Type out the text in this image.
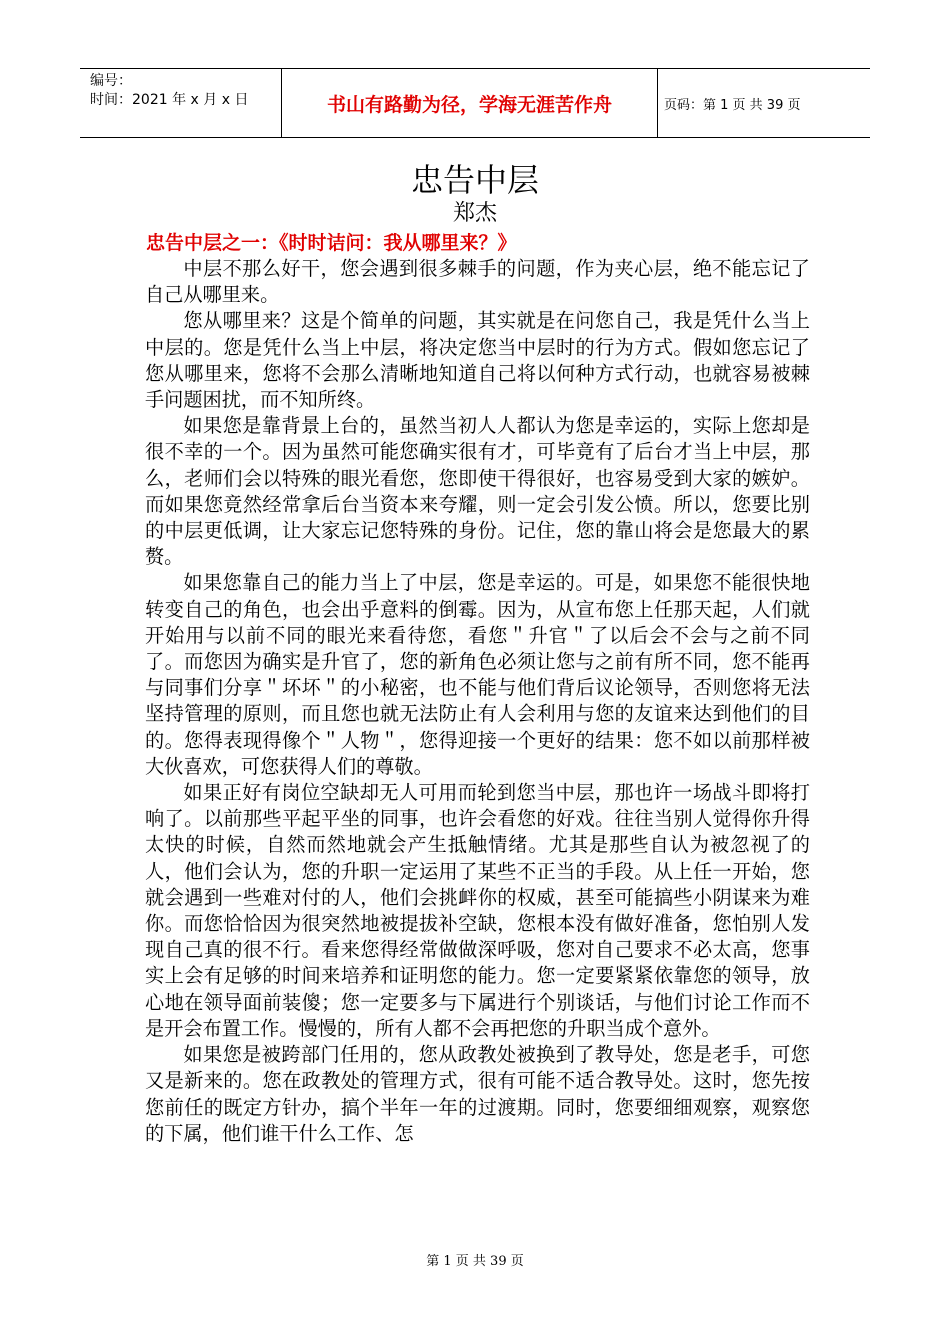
编号：
时间：2021 年 x 月 x 日	书山有路勤为径，学海无涯苦作舟	页码：第 1 页 共 39 页
忠告中层
郑杰
忠告中层之一：《时时诘问：我从哪里来？》

中层不那么好干，您会遇到很多棘手的问题，作为夹心层，绝不能忘记了自己从哪里来。

您从哪里来？这是个简单的问题，其实就是在问您自己，我是凭什么当上中层的。您是凭什么当上中层，将决定您当中层时的行为方式。假如您忘记了您从哪里来，您将不会那么清晰地知道自己将以何种方式行动，也就容易被棘手问题困扰，而不知所终。

如果您是靠背景上台的，虽然当初人人都认为您是幸运的，实际上您却是很不幸的一个。因为虽然可能您确实很有才，可毕竟有了后台才当上中层，那么，老师们会以特殊的眼光看您，您即使干得很好，也容易受到大家的嫉妒。而如果您竟然经常拿后台当资本来夸耀，则一定会引发公愤。所以，您要比别的中层更低调，让大家忘记您特殊的身份。记住，您的靠山将会是您最大的累赘。

如果您靠自己的能力当上了中层，您是幸运的。可是，如果您不能很快地转变自己的角色，也会出乎意料的倒霉。因为，从宣布您上任那天起，人们就开始用与以前不同的眼光来看待您，看您＂升官＂了以后会不会与之前不同了。而您因为确实是升官了，您的新角色必须让您与之前有所不同，您不能再与同事们分享＂坏坏＂的小秘密，也不能与他们背后议论领导，否则您将无法坚持管理的原则，而且您也就无法防止有人会利用与您的友谊来达到他们的目的。您得表现得像个＂人物＂，您得迎接一个更好的结果：您不如以前那样被大伙喜欢，可您获得人们的尊敬。

如果正好有岗位空缺却无人可用而轮到您当中层，那也许一场战斗即将打响了。以前那些平起平坐的同事，也许会看您的好戏。往往当别人觉得你升得太快的时候，自然而然地就会产生抵触情绪。尤其是那些自认为被忽视了的人，他们会认为，您的升职一定运用了某些不正当的手段。从上任一开始，您就会遇到一些难对付的人，他们会挑衅你的权威，甚至可能搞些小阴谋来为难你。而您恰恰因为很突然地被提拔补空缺，您根本没有做好准备，您怕别人发现自己真的很不行。看来您得经常做做深呼吸，您对自己要求不必太高，您事实上会有足够的时间来培养和证明您的能力。您一定要紧紧依靠您的领导，放心地在领导面前装傻；您一定要多与下属进行个别谈话，与他们讨论工作而不是开会布置工作。慢慢的，所有人都不会再把您的升职当成个意外。

如果您是被跨部门任用的，您从政教处被换到了教导处，您是老手，可您又是新来的。您在政教处的管理方式，很有可能不适合教导处。这时，您先按您前任的既定方针办，搞个半年一年的过渡期。同时，您要细细观察，观察您的下属，他们谁干什么工作、怎

第 1 页 共 39 页
